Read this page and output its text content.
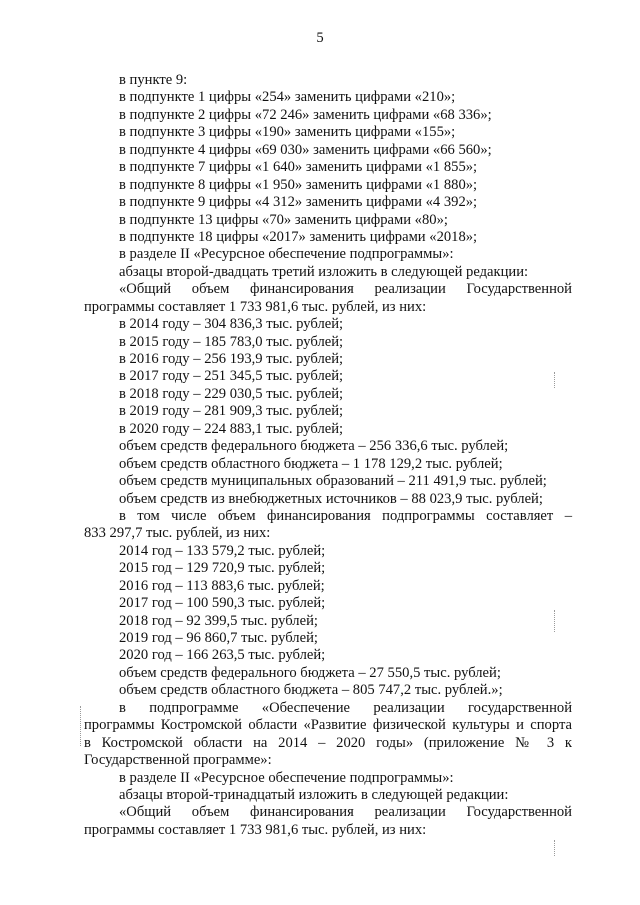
5
в пункте 9:
в подпункте 1 цифры «254» заменить цифрами «210»;
в подпункте 2 цифры «72 246» заменить цифрами «68 336»;
в подпункте 3 цифры «190» заменить цифрами «155»;
в подпункте 4 цифры «69 030» заменить цифрами «66 560»;
в подпункте 7 цифры «1 640» заменить цифрами «1 855»;
в подпункте 8 цифры «1 950» заменить цифрами «1 880»;
в подпункте 9 цифры «4 312» заменить цифрами «4 392»;
в подпункте 13 цифры «70» заменить цифрами «80»;
в подпункте 18 цифры «2017» заменить цифрами «2018»;
в разделе II «Ресурсное обеспечение подпрограммы»:
абзацы второй-двадцать третий изложить в следующей редакции:
«Общий объем финансирования реализации Государственной
программы составляет 1 733 981,6 тыс. рублей, из них:
в 2014 году – 304 836,3 тыс. рублей;
в 2015 году – 185 783,0 тыс. рублей;
в 2016 году – 256 193,9 тыс. рублей;
в 2017 году – 251 345,5 тыс. рублей;
в 2018 году – 229 030,5 тыс. рублей;
в 2019 году – 281 909,3 тыс. рублей;
в 2020 году – 224 883,1 тыс. рублей;
объем средств федерального бюджета – 256 336,6 тыс. рублей;
объем средств областного бюджета – 1 178 129,2 тыс. рублей;
объем средств муниципальных образований – 211 491,9 тыс. рублей;
объем средств из внебюджетных источников – 88 023,9 тыс. рублей;
в том числе объем финансирования подпрограммы составляет –
833 297,7 тыс. рублей, из них:
2014 год – 133 579,2 тыс. рублей;
2015 год – 129 720,9 тыс. рублей;
2016 год – 113 883,6 тыс. рублей;
2017 год – 100 590,3 тыс. рублей;
2018 год – 92 399,5 тыс. рублей;
2019 год – 96 860,7 тыс. рублей;
2020 год – 166 263,5 тыс. рублей;
объем средств федерального бюджета – 27 550,5 тыс. рублей;
объем средств областного бюджета – 805 747,2 тыс. рублей.»;
в подпрограмме «Обеспечение реализации государственной
программы Костромской области «Развитие физической культуры и спорта
в Костромской области на 2014 – 2020 годы» (приложение № 3 к
Государственной программе»:
в разделе II «Ресурсное обеспечение подпрограммы»:
абзацы второй-тринадцатый изложить в следующей редакции:
«Общий объем финансирования реализации Государственной
программы составляет 1 733 981,6 тыс. рублей, из них:
